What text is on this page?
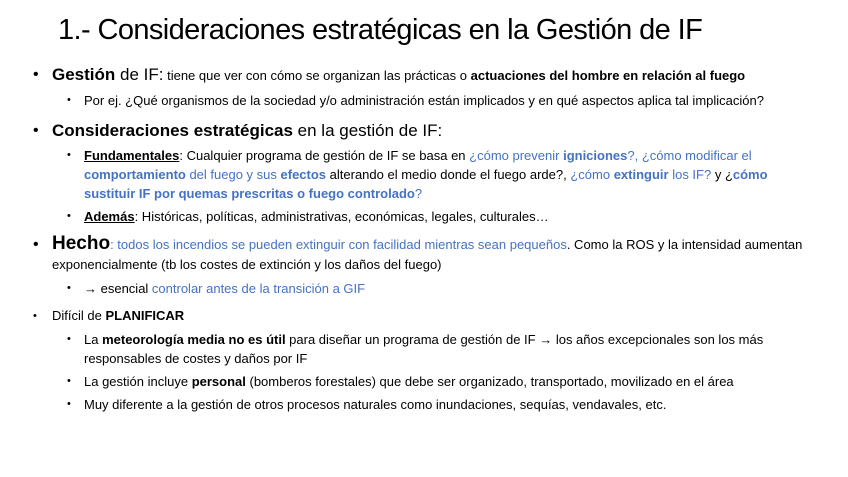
1.- Consideraciones estratégicas en la Gestión de IF
• Gestión de IF: tiene que ver con cómo se organizan las prácticas o actuaciones del hombre en relación al fuego
• Por ej. ¿Qué organismos de la sociedad y/o administración están implicados y en qué aspectos aplica tal implicación?
• Consideraciones estratégicas en la gestión de IF:
• Fundamentales: Cualquier programa de gestión de IF se basa en ¿cómo prevenir igniciones?, ¿cómo modificar el comportamiento del fuego y sus efectos alterando el medio donde el fuego arde?, ¿cómo extinguir los IF? y ¿cómo sustituir IF por quemas prescritas o fuego controlado?
• Además: Históricas, políticas, administrativas, económicas, legales, culturales…
• Hecho: todos los incendios se pueden extinguir con facilidad mientras sean pequeños. Como la ROS y la intensidad aumentan exponencialmente (tb los costes de extinción y los daños del fuego)
• → esencial controlar antes de la transición a GIF
• Difícil de PLANIFICAR
• La meteorología media no es útil para diseñar un programa de gestión de IF → los años excepcionales son los más responsables de costes y daños por IF
• La gestión incluye personal (bomberos forestales) que debe ser organizado, transportado, movilizado en el área
• Muy diferente a la gestión de otros procesos naturales como inundaciones, sequías, vendavales, etc.
